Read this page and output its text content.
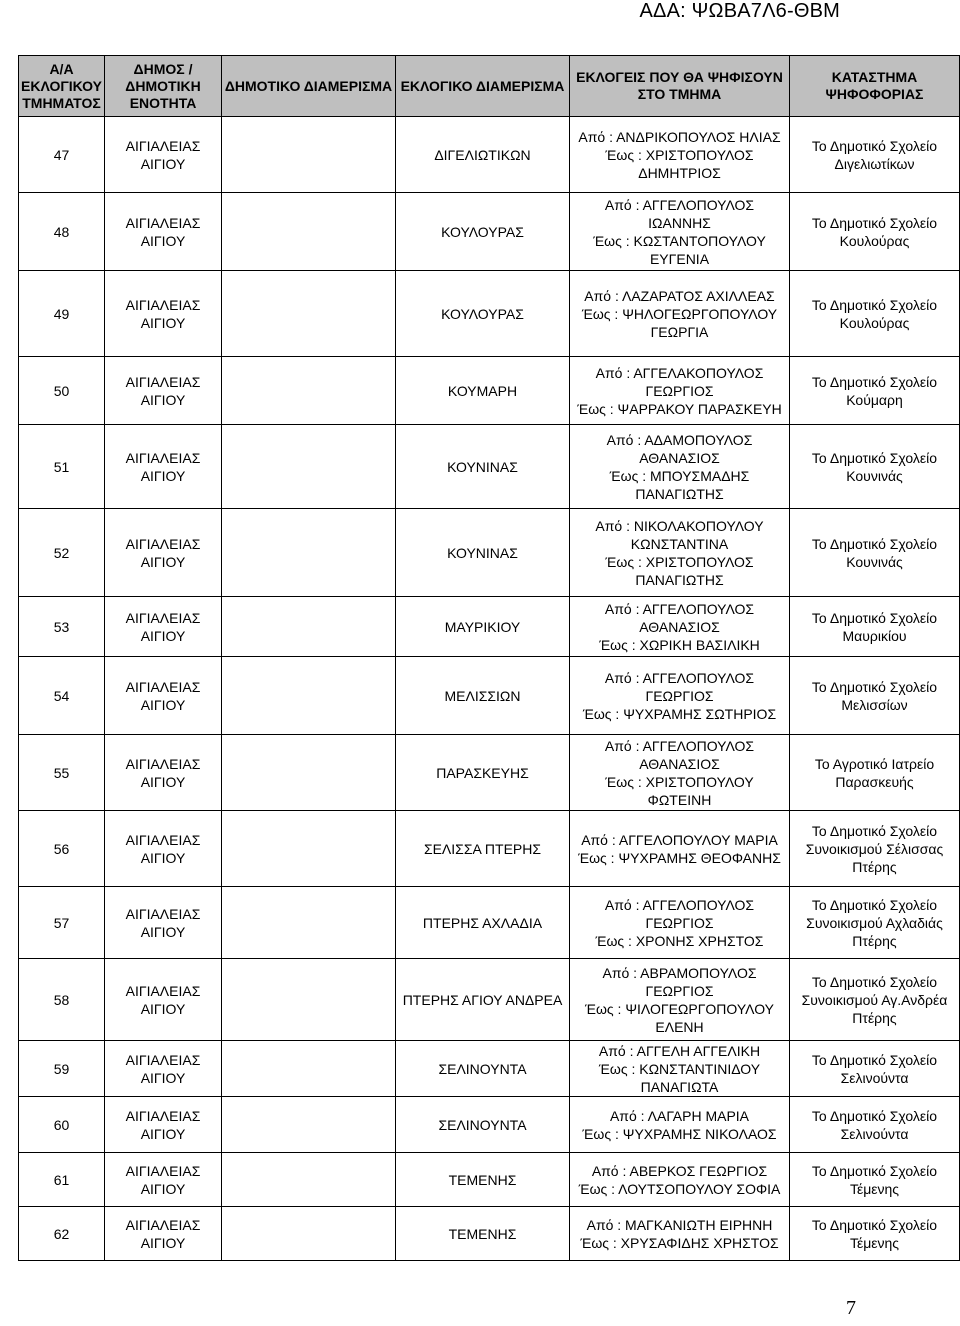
ΑΔΑ: ΨΩΒΑ7Λ6-ΘΒΜ
Α/Α ΕΚΛΟΓΙΚΟΥ ΤΜΗΜΑΤΟΣ	ΔΗΜΟΣ / ΔΗΜΟΤΙΚΗ ΕΝΟΤΗΤΑ	ΔΗΜΟΤΙΚΟ ΔΙΑΜΕΡΙΣΜΑ	ΕΚΛΟΓΙΚΟ ΔΙΑΜΕΡΙΣΜΑ	ΕΚΛΟΓΕΙΣ ΠΟΥ ΘΑ ΨΗΦΙΣΟΥΝ ΣΤΟ ΤΜΗΜΑ	ΚΑΤΑΣΤΗΜΑ ΨΗΦΟΦΟΡΙΑΣ
47	ΑΙΓΙΑΛΕΙΑΣ ΑΙΓΙΟΥ		ΔΙΓΕΛΙΩΤΙΚΩΝ	Από : ΑΝΔΡΙΚΟΠΟΥΛΟΣ ΗΛΙΑΣ
Έως : ΧΡΙΣΤΟΠΟΥΛΟΣ ΔΗΜΗΤΡΙΟΣ	Το Δημοτικό Σχολείο Διγελιωτίκων
48	ΑΙΓΙΑΛΕΙΑΣ ΑΙΓΙΟΥ		ΚΟΥΛΟΥΡΑΣ	Από : ΑΓΓΕΛΟΠΟΥΛΟΣ ΙΩΑΝΝΗΣ
Έως : ΚΩΣΤΑΝΤΟΠΟΥΛΟΥ ΕΥΓΕΝΙΑ	Το Δημοτικό Σχολείο Κουλούρας
49	ΑΙΓΙΑΛΕΙΑΣ ΑΙΓΙΟΥ		ΚΟΥΛΟΥΡΑΣ	Από : ΛΑΖΑΡΑΤΟΣ ΑΧΙΛΛΕΑΣ
Έως : ΨΗΛΟΓΕΩΡΓΟΠΟΥΛΟΥ ΓΕΩΡΓΙΑ	Το Δημοτικό Σχολείο Κουλούρας
50	ΑΙΓΙΑΛΕΙΑΣ ΑΙΓΙΟΥ		ΚΟΥΜΑΡΗ	Από : ΑΓΓΕΛΑΚΟΠΟΥΛΟΣ ΓΕΩΡΓΙΟΣ
Έως : ΨΑΡΡΑΚΟΥ ΠΑΡΑΣΚΕΥΗ	Το Δημοτικό Σχολείο Κούμαρη
51	ΑΙΓΙΑΛΕΙΑΣ ΑΙΓΙΟΥ		ΚΟΥΝΙΝΑΣ	Από : ΑΔΑΜΟΠΟΥΛΟΣ ΑΘΑΝΑΣΙΟΣ
Έως : ΜΠΟΥΣΜΑΔΗΣ ΠΑΝΑΓΙΩΤΗΣ	Το Δημοτικό Σχολείο Κουνινάς
52	ΑΙΓΙΑΛΕΙΑΣ ΑΙΓΙΟΥ		ΚΟΥΝΙΝΑΣ	Από : ΝΙΚΟΛΑΚΟΠΟΥΛΟΥ ΚΩΝΣΤΑΝΤΙΝΑ
Έως : ΧΡΙΣΤΟΠΟΥΛΟΣ ΠΑΝΑΓΙΩΤΗΣ	Το Δημοτικό Σχολείο Κουνινάς
53	ΑΙΓΙΑΛΕΙΑΣ ΑΙΓΙΟΥ		ΜΑΥΡΙΚΙΟΥ	Από : ΑΓΓΕΛΟΠΟΥΛΟΣ ΑΘΑΝΑΣΙΟΣ
Έως : ΧΩΡΙΚΗ ΒΑΣΙΛΙΚΗ	Το Δημοτικό Σχολείο Μαυρικίου
54	ΑΙΓΙΑΛΕΙΑΣ ΑΙΓΙΟΥ		ΜΕΛΙΣΣΙΩΝ	Από : ΑΓΓΕΛΟΠΟΥΛΟΣ ΓΕΩΡΓΙΟΣ
Έως : ΨΥΧΡΑΜΗΣ ΣΩΤΗΡΙΟΣ	Το Δημοτικό Σχολείο Μελισσίων
55	ΑΙΓΙΑΛΕΙΑΣ ΑΙΓΙΟΥ		ΠΑΡΑΣΚΕΥΗΣ	Από : ΑΓΓΕΛΟΠΟΥΛΟΣ ΑΘΑΝΑΣΙΟΣ
Έως : ΧΡΙΣΤΟΠΟΥΛΟΥ ΦΩΤΕΙΝΗ	Το Αγροτικό Ιατρείο Παρασκευής
56	ΑΙΓΙΑΛΕΙΑΣ ΑΙΓΙΟΥ		ΣΕΛΙΣΣΑ ΠΤΕΡΗΣ	Από : ΑΓΓΕΛΟΠΟΥΛΟΥ ΜΑΡΙΑ
Έως : ΨΥΧΡΑΜΗΣ ΘΕΟΦΑΝΗΣ	Το Δημοτικό Σχολείο Συνοικισμού Σέλισσας Πτέρης
57	ΑΙΓΙΑΛΕΙΑΣ ΑΙΓΙΟΥ		ΠΤΕΡΗΣ ΑΧΛΑΔΙΑ	Από : ΑΓΓΕΛΟΠΟΥΛΟΣ ΓΕΩΡΓΙΟΣ
Έως : ΧΡΟΝΗΣ ΧΡΗΣΤΟΣ	Το Δημοτικό Σχολείο Συνοικισμού Αχλαδιάς Πτέρης
58	ΑΙΓΙΑΛΕΙΑΣ ΑΙΓΙΟΥ		ΠΤΕΡΗΣ ΑΓΙΟΥ ΑΝΔΡΕΑ	Από : ΑΒΡΑΜΟΠΟΥΛΟΣ ΓΕΩΡΓΙΟΣ
Έως : ΨΙΛΟΓΕΩΡΓΟΠΟΥΛΟΥ ΕΛΕΝΗ	Το Δημοτικό Σχολείο Συνοικισμού Αγ.Ανδρέα Πτέρης
59	ΑΙΓΙΑΛΕΙΑΣ ΑΙΓΙΟΥ		ΣΕΛΙΝΟΥΝΤΑ	Από : ΑΓΓΕΛΗ ΑΓΓΕΛΙΚΗ
Έως : ΚΩΝΣΤΑΝΤΙΝΙΔΟΥ ΠΑΝΑΓΙΩΤΑ	Το Δημοτικό Σχολείο Σελινούντα
60	ΑΙΓΙΑΛΕΙΑΣ ΑΙΓΙΟΥ		ΣΕΛΙΝΟΥΝΤΑ	Από : ΛΑΓΑΡΗ ΜΑΡΙΑ
Έως : ΨΥΧΡΑΜΗΣ ΝΙΚΟΛΑΟΣ	Το Δημοτικό Σχολείο Σελινούντα
61	ΑΙΓΙΑΛΕΙΑΣ ΑΙΓΙΟΥ		ΤΕΜΕΝΗΣ	Από : ΑΒΕΡΚΟΣ ΓΕΩΡΓΙΟΣ
Έως : ΛΟΥΤΣΟΠΟΥΛΟΥ ΣΟΦΙΑ	Το Δημοτικό Σχολείο Τέμενης
62	ΑΙΓΙΑΛΕΙΑΣ ΑΙΓΙΟΥ		ΤΕΜΕΝΗΣ	Από : ΜΑΓΚΑΝΙΩΤΗ ΕΙΡΗΝΗ
Έως : ΧΡΥΣΑΦΙΔΗΣ ΧΡΗΣΤΟΣ	Το Δημοτικό Σχολείο Τέμενης
7
